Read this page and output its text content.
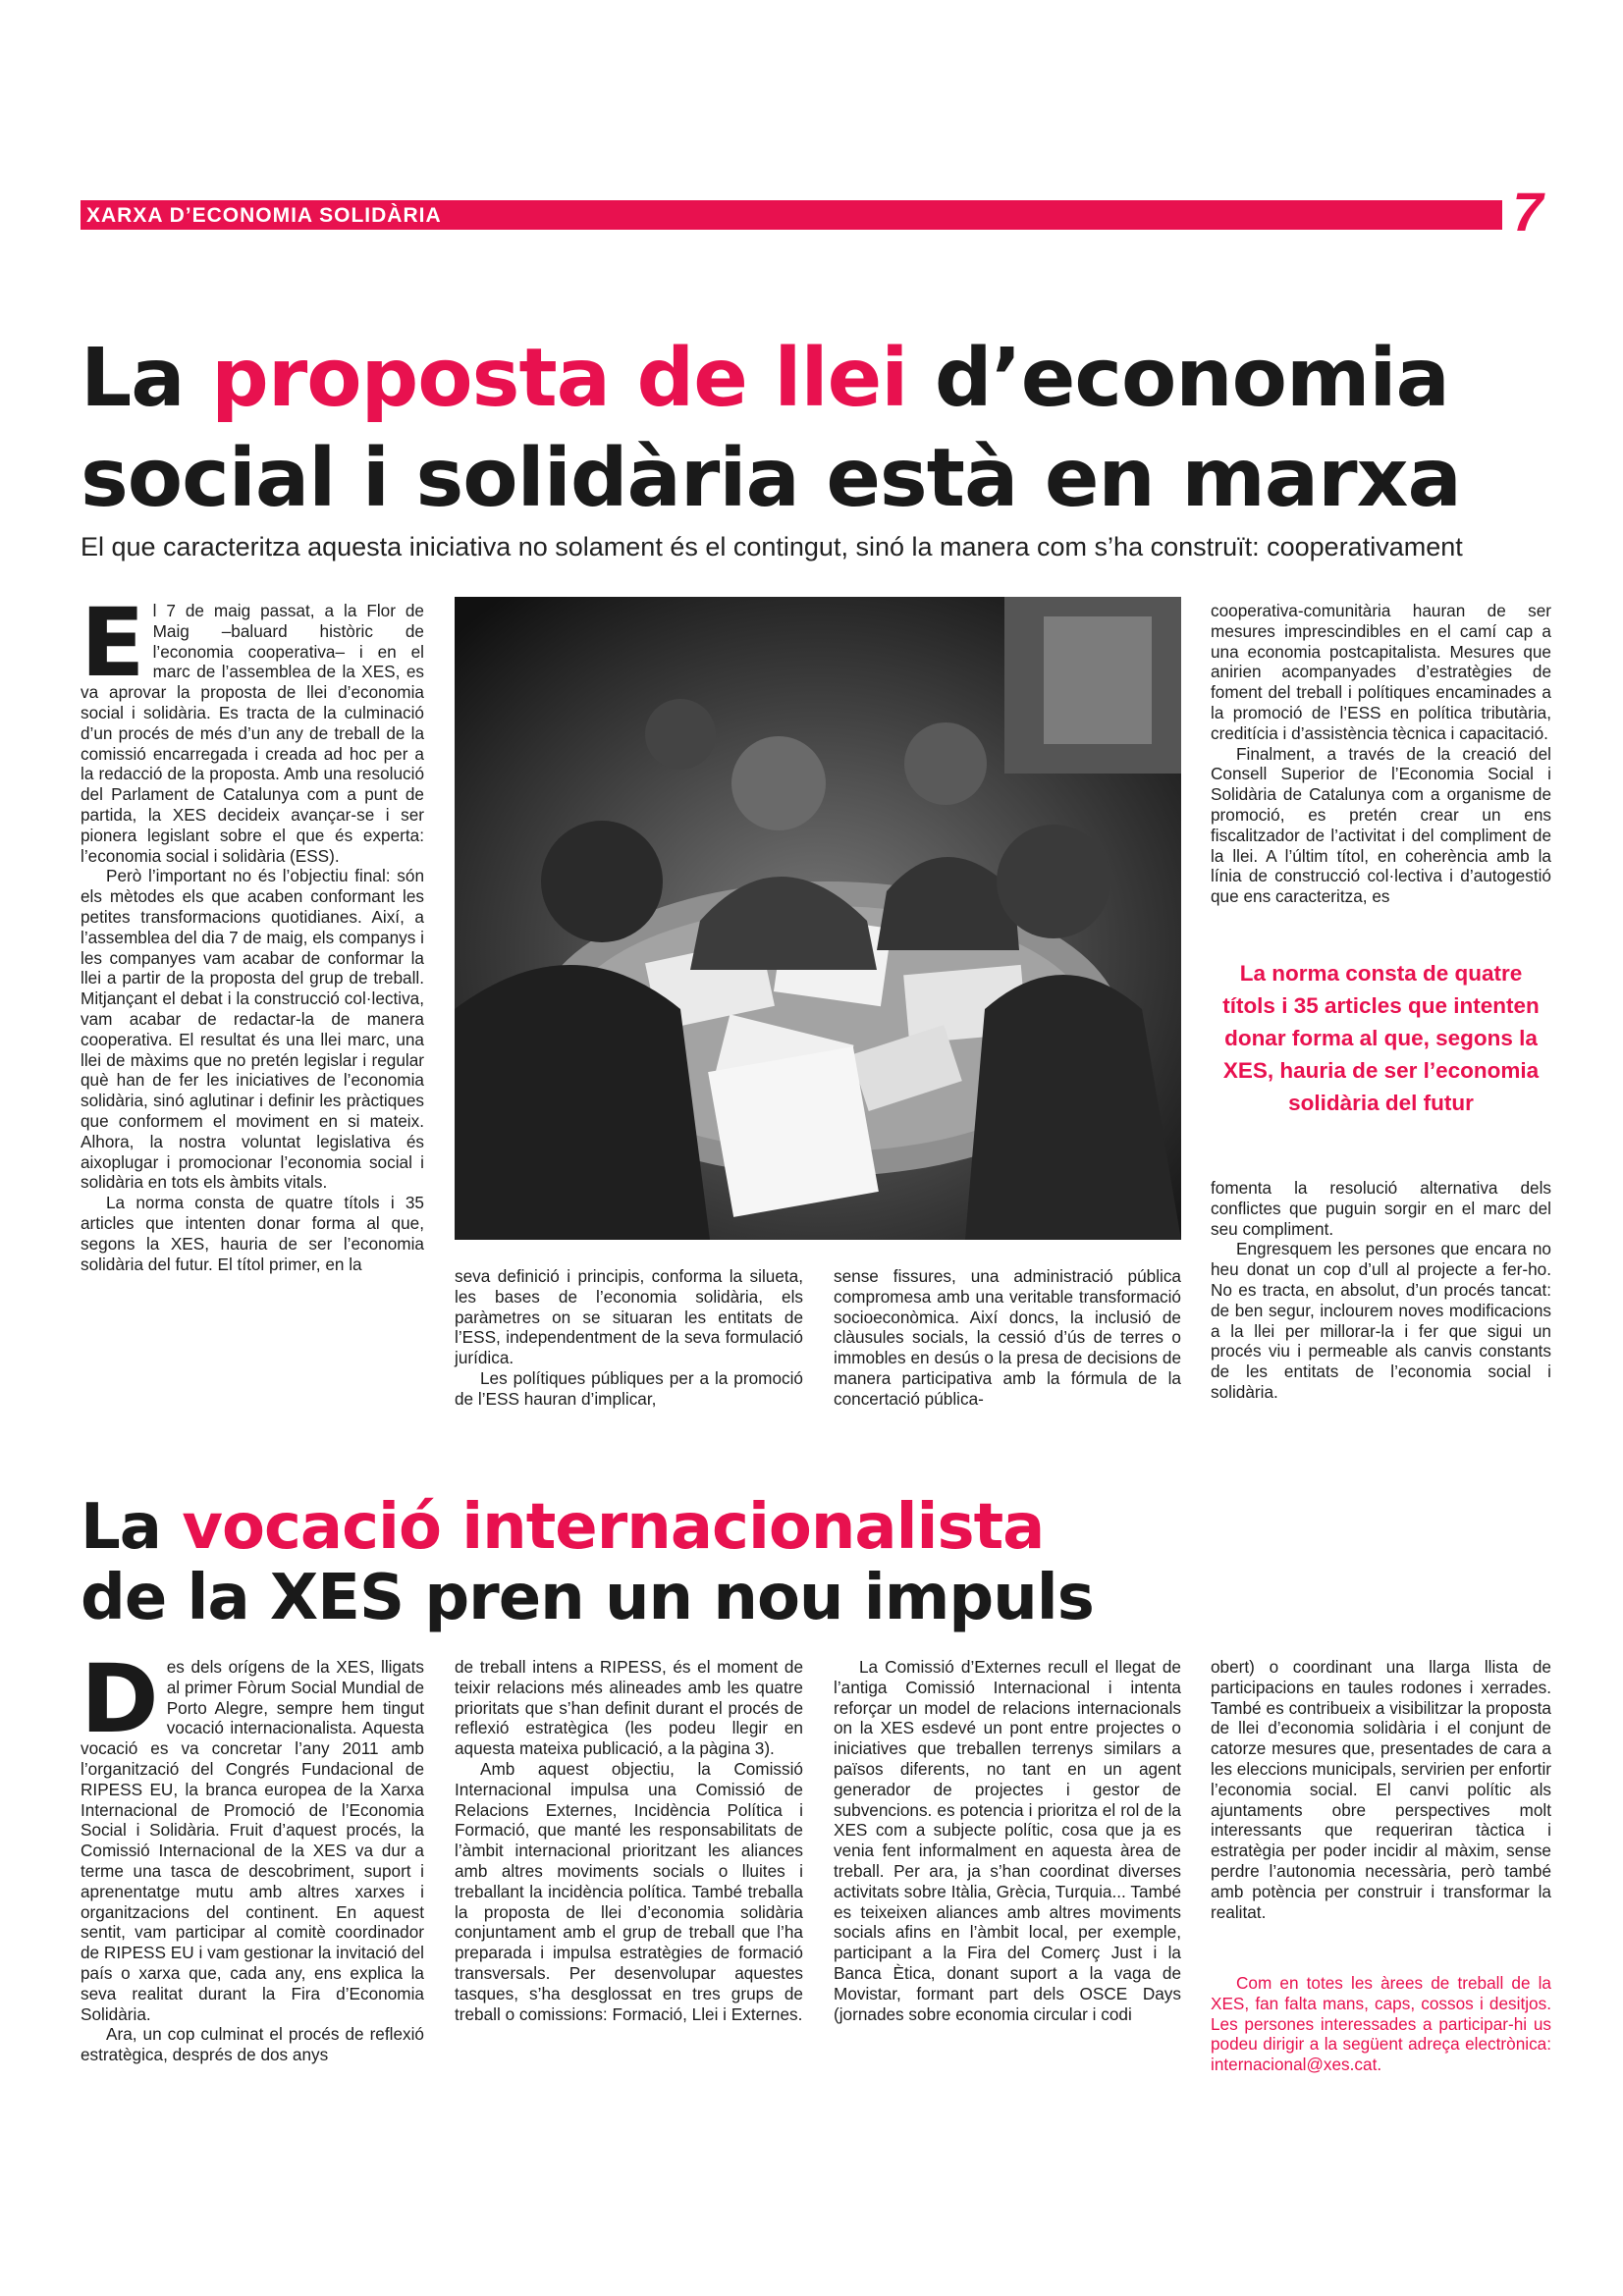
XARXA D’ECONOMIA SOLIDÀRIA	7
La proposta de llei d’economia
social i solidària està en marxa
El que caracteritza aquesta iniciativa no solament és el contingut, sinó la manera com s’ha construït: cooperativament
E l 7 de maig passat, a la Flor de Maig –baluard històric de l’economia cooperativa– i en el marc de l’assemblea de la XES, es va aprovar la proposta de llei d’economia social i solidària. Es tracta de la culminació d’un procés de més d’un any de treball de la comissió encarregada i creada ad hoc per a la redacció de la proposta. Amb una resolució del Parlament de Catalunya com a punt de partida, la XES decideix avançar-se i ser pionera legislant sobre el que és experta: l’economia social i solidària (ESS).

Però l’important no és l’objectiu final: són els mètodes els que acaben conformant les petites transformacions quotidianes. Així, a l’assemblea del dia 7 de maig, els companys i les companyes vam acabar de conformar la llei a partir de la proposta del grup de treball. Mitjançant el debat i la construcció col·lectiva, vam acabar de redactar-la de manera cooperativa. El resultat és una llei marc, una llei de màxims que no pretén legislar i regular què han de fer les iniciatives de l’economia solidària, sinó aglutinar i definir les pràctiques que conformem el moviment en si mateix. Alhora, la nostra voluntat legislativa és aixoplugar i promocionar l’economia social i solidària en tots els àmbits vitals.

La norma consta de quatre títols i 35 articles que intenten donar forma al que, segons la XES, hauria de ser l’economia solidària del futur. El títol primer, en la

seva definició i principis, conforma la silueta, les bases de l’economia solidària, els paràmetres on se situaran les entitats de l’ESS, independentment de la seva formulació jurídica.

Les polítiques públiques per a la promoció de l’ESS hauran d’implicar,

sense fissures, una administració pública compromesa amb una veritable transformació socioeconòmica. Així doncs, la inclusió de clàusules socials, la cessió d’ús de terres o immobles en desús o la presa de decisions de manera participativa amb la fórmula de la concertació pública-

cooperativa-comunitària hauran de ser mesures imprescindibles en el camí cap a una economia postcapitalista. Mesures que anirien acompanyades d’estratègies de foment del treball i polítiques encaminades a la promoció de l’ESS en política tributària, creditícia i d’assistència tècnica i capacitació.

Finalment, a través de la creació del Consell Superior de l’Economia Social i Solidària de Catalunya com a organisme de promoció, es pretén crear un ens fiscalitzador de l’activitat i del compliment de la llei. A l’últim títol, en coherència amb la línia de construcció col·lectiva i d’autogestió que ens caracteritza, es

La norma consta de quatre títols i 35 articles que intenten donar forma al que, segons la XES, hauria de ser l’economia solidària del futur

fomenta la resolució alternativa dels conflictes que puguin sorgir en el marc del seu compliment.

Engresquem les persones que encara no heu donat un cop d’ull al projecte a fer-ho. No es tracta, en absolut, d’un procés tancat: de ben segur, inclourem noves modificacions a la llei per millorar-la i fer que sigui un procés viu i permeable als canvis constants de les entitats de l’economia social i solidària.

La vocació internacionalista
de la XES pren un nou impuls
D es dels orígens de la XES, lligats al primer Fòrum Social Mundial de Porto Alegre, sempre hem tingut vocació internacionalista. Aquesta vocació es va concretar l’any 2011 amb l’organització del Congrés Fundacional de RIPESS EU, la branca europea de la Xarxa Internacional de Promoció de l’Economia Social i Solidària. Fruit d’aquest procés, la Comissió Internacional de la XES va dur a terme una tasca de descobriment, suport i aprenentatge mutu amb altres xarxes i organitzacions del continent. En aquest sentit, vam participar al comitè coordinador de RIPESS EU i vam gestionar la invitació del país o xarxa que, cada any, ens explica la seva realitat durant la Fira d’Economia Solidària.

Ara, un cop culminat el procés de reflexió estratègica, després de dos anys

de treball intens a RIPESS, és el moment de teixir relacions més alineades amb les quatre prioritats que s’han definit durant el procés de reflexió estratègica (les podeu llegir en aquesta mateixa publicació, a la pàgina 3).

Amb aquest objectiu, la Comissió Internacional impulsa una Comissió de Relacions Externes, Incidència Política i Formació, que manté les responsabilitats de l’àmbit internacional prioritzant les aliances amb altres moviments socials o lluites i treballant la incidència política. També treballa la proposta de llei d’economia solidària conjuntament amb el grup de treball que l’ha preparada i impulsa estratègies de formació transversals. Per desenvolupar aquestes tasques, s’ha desglossat en tres grups de treball o comissions: Formació, Llei i Externes.

La Comissió d’Externes recull el llegat de l’antiga Comissió Internacional i intenta reforçar un model de relacions internacionals on la XES esdevé un pont entre projectes o iniciatives que treballen terrenys similars a països diferents, no tant en un agent generador de projectes i gestor de subvencions. es potencia i prioritza el rol de la XES com a subjecte polític, cosa que ja es venia fent informalment en aquesta àrea de treball. Per ara, ja s’han coordinat diverses activitats sobre Itàlia, Grècia, Turquia... També es teixeixen aliances amb altres moviments socials afins en l’àmbit local, per exemple, participant a la Fira del Comerç Just i la Banca Ètica, donant suport a la vaga de Movistar, formant part dels OSCE Days (jornades sobre economia circular i codi

obert) o coordinant una llarga llista de participacions en taules rodones i xerrades. També es contribueix a visibilitzar la proposta de llei d’economia solidària i el conjunt de catorze mesures que, presentades de cara a les eleccions municipals, servirien per enfortir l’economia social. El canvi polític als ajuntaments obre perspectives molt interessants que requeriran tàctica i estratègia per poder incidir al màxim, sense perdre l’autonomia necessària, però també amb potència per construir i transformar la realitat.

Com en totes les àrees de treball de la XES, fan falta mans, caps, cossos i desitjos. Les persones interessades a participar-hi us podeu dirigir a la següent adreça electrònica: internacional@xes.cat.
